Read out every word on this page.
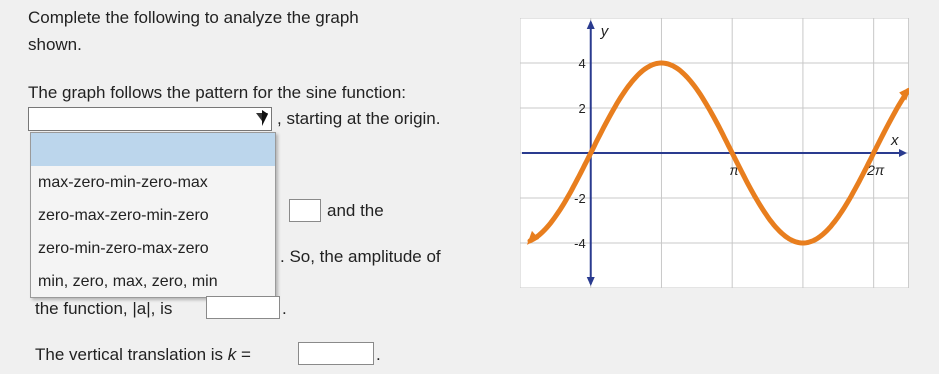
Complete the following to analyze the graph
shown.
The graph follows the pattern for the sine function:
, starting at the origin.
max-zero-min-zero-max
zero-max-zero-min-zero
zero-min-zero-max-zero
min, zero, max, zero, min
and the
. So, the amplitude of
the function, |a|, is	.
The vertical translation is k =	.
y
x
4
2
-2
-4
π	2π
